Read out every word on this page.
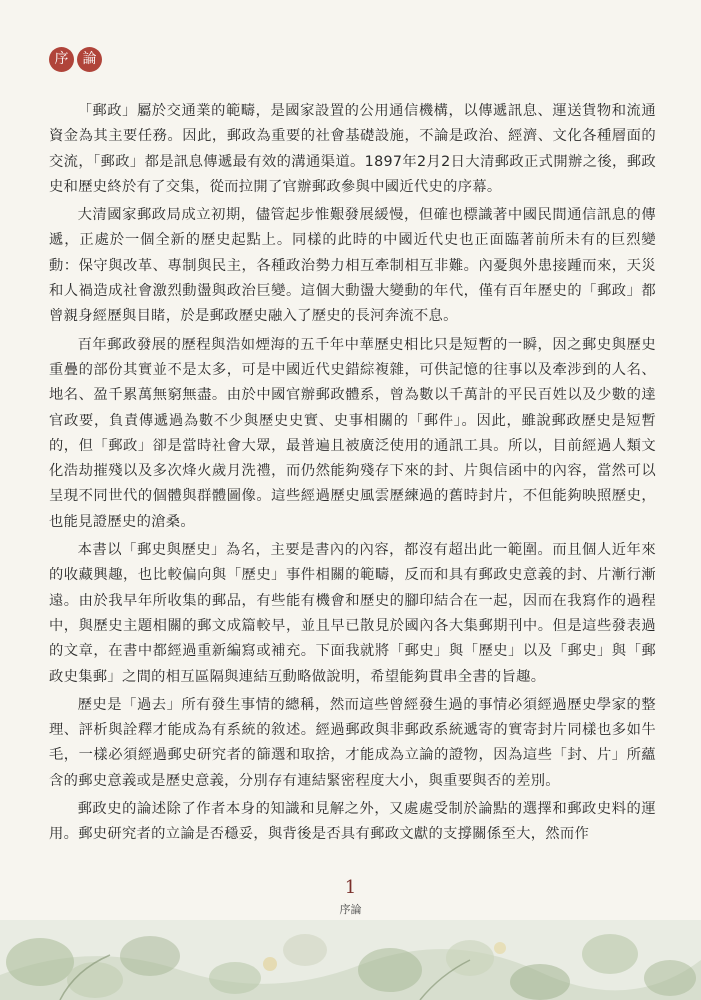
序	論

「郵政」屬於交通業的範疇，是國家設置的公用通信機構，以傳遞訊息、運送貨物和流通資金為其主要任務。因此，郵政為重要的社會基礎設施，不論是政治、經濟、文化各種層面的交流，「郵政」都是訊息傳遞最有效的溝通渠道。1897年2月2日大清郵政正式開辦之後，郵政史和歷史終於有了交集，從而拉開了官辦郵政參與中國近代史的序幕。

大清國家郵政局成立初期，儘管起步惟艱發展緩慢，但確也標識著中國民間通信訊息的傳遞，正處於一個全新的歷史起點上。同樣的此時的中國近代史也正面臨著前所未有的巨烈變動：保守與改革、專制與民主，各種政治勢力相互牽制相互非難。內憂與外患接踵而來，天災和人禍造成社會激烈動盪與政治巨變。這個大動盪大變動的年代，僅有百年歷史的「郵政」都曾親身經歷與目睹，於是郵政歷史融入了歷史的長河奔流不息。

百年郵政發展的歷程與浩如煙海的五千年中華歷史相比只是短暫的一瞬，因之郵史與歷史重疊的部份其實並不是太多，可是中國近代史錯綜複雜，可供記憶的往事以及牽涉到的人名、地名、盈千累萬無窮無盡。由於中國官辦郵政體系，曾為數以千萬計的平民百姓以及少數的達官政要，負責傳遞過為數不少與歷史史實、史事相關的「郵件」。因此，雖說郵政歷史是短暫的，但「郵政」卻是當時社會大眾，最普遍且被廣泛使用的通訊工具。所以，目前經過人類文化浩劫摧殘以及多次烽火歲月洗禮，而仍然能夠殘存下來的封、片與信函中的內容，當然可以呈現不同世代的個體與群體圖像。這些經過歷史風雲歷練過的舊時封片，不但能夠映照歷史，也能見證歷史的滄桑。

本書以「郵史與歷史」為名，主要是書內的內容，都沒有超出此一範圍。而且個人近年來的收藏興趣，也比較偏向與「歷史」事件相關的範疇，反而和具有郵政史意義的封、片漸行漸遠。由於我早年所收集的郵品，有些能有機會和歷史的腳印結合在一起，因而在我寫作的過程中，與歷史主題相關的郵文成篇較早，並且早已散見於國內各大集郵期刊中。但是這些發表過的文章，在書中都經過重新編寫或補充。下面我就將「郵史」與「歷史」以及「郵史」與「郵政史集郵」之間的相互區隔與連結互動略做說明，希望能夠貫串全書的旨趣。

歷史是「過去」所有發生事情的總稱，然而這些曾經發生過的事情必須經過歷史學家的整理、評析與詮釋才能成為有系統的敘述。經過郵政與非郵政系統遞寄的實寄封片同樣也多如牛毛，一樣必須經過郵史研究者的篩選和取捨，才能成為立論的證物，因為這些「封、片」所蘊含的郵史意義或是歷史意義，分別存有連結緊密程度大小，與重要與否的差別。

郵政史的論述除了作者本身的知識和見解之外，又處處受制於論點的選擇和郵政史料的運用。郵史研究者的立論是否穩妥，與背後是否具有郵政文獻的支撐關係至大，然而作

1
序論
